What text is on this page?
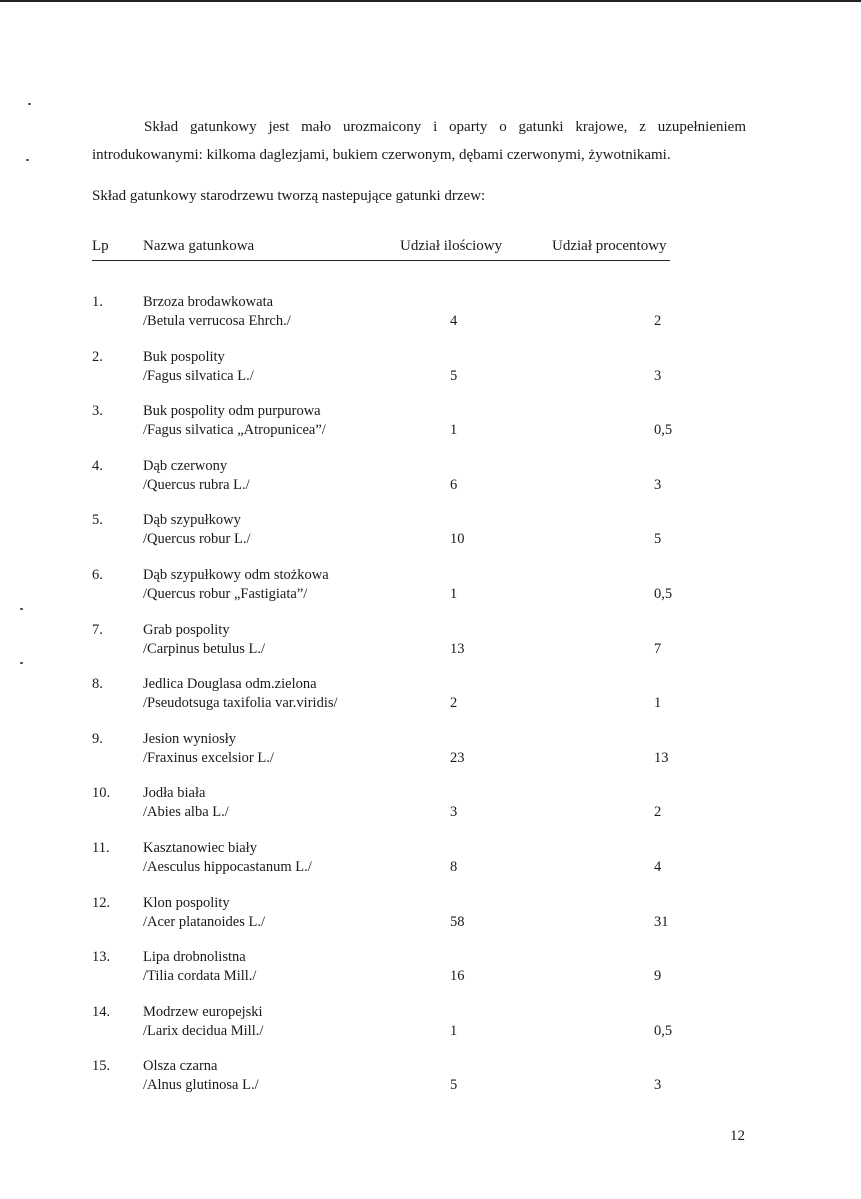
Skład gatunkowy jest mało urozmaicony i oparty o gatunki krajowe, z uzupełnieniem introdukowanymi: kilkoma daglezjami, bukiem czerwonym, dębami czerwonymi, żywotnikami.

Skład gatunkowy starodrzewu tworzą nastepujące gatunki drzew:
Lp Nazwa gatunkowa	Udział ilościowy	Udział procentowy
1.	Brzoza brodawkowata
/Betula verrucosa Ehrch./	4	2
2.	Buk pospolity
/Fagus silvatica L./	5	3
3.	Buk pospolity odm purpurowa
/Fagus silvatica „Atropunicea”/	1	0,5
4.	Dąb czerwony
/Quercus rubra L./	6	3
5.	Dąb szypułkowy
/Quercus robur L./	10	5
6.	Dąb szypułkowy odm stożkowa
/Quercus robur „Fastigiata”/	1	0,5
7.	Grab pospolity
/Carpinus betulus L./	13	7
8.	Jedlica Douglasa odm.zielona
/Pseudotsuga taxifolia var.viridis/	2	1
9.	Jesion wyniosły
/Fraxinus excelsior L./	23	13
10. Jodła biała
/Abies alba L./	3	2
11. Kasztanowiec biały
/Aesculus hippocastanum L./	8	4
12. Klon pospolity
/Acer platanoides L./	58	31
13. Lipa drobnolistna
/Tilia cordata Mill./	16	9
14. Modrzew europejski
/Larix decidua Mill./	1	0,5
15. Olsza czarna
/Alnus glutinosa L./	5	3
12
